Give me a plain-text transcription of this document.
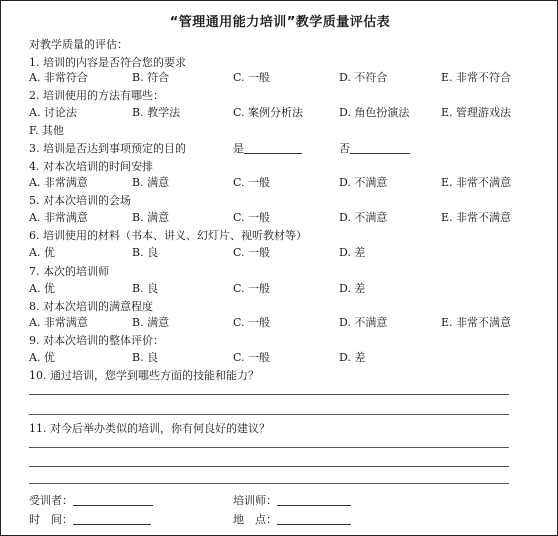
“管理通用能力培训”教学质量评估表
对教学质量的评估：
1. 培训的内容是否符合您的要求
A. 非常符合	B. 符合	C. 一般	D. 不符合	E. 非常不符合
2. 培训使用的方法有哪些：
A. 讨论法	B. 教学法	C. 案例分析法	D. 角色扮演法	E. 管理游戏法
F. 其他
3. 培训是否达到事项预定的目的	是	否
4. 对本次培训的时间安排
A. 非常满意	B. 满意	C. 一般	D. 不满意	E. 非常不满意
5. 对本次培训的会场
A. 非常满意	B. 满意	C. 一般	D. 不满意	E. 非常不满意
6. 培训使用的材料（书本、讲义、幻灯片、视听教材等）
A. 优	B. 良	C. 一般	D. 差
7. 本次的培训师
A. 优	B. 良	C. 一般	D. 差
8. 对本次培训的满意程度
A. 非常满意	B. 满意	C. 一般	D. 不满意	E. 非常不满意
9. 对本次培训的整体评价：
A. 优	B. 良	C. 一般	D. 差
10. 通过培训，您学到哪些方面的技能和能力？
11. 对今后举办类似的培训，你有何良好的建议？
受训者：	培训师：
时　间：	地　点：
